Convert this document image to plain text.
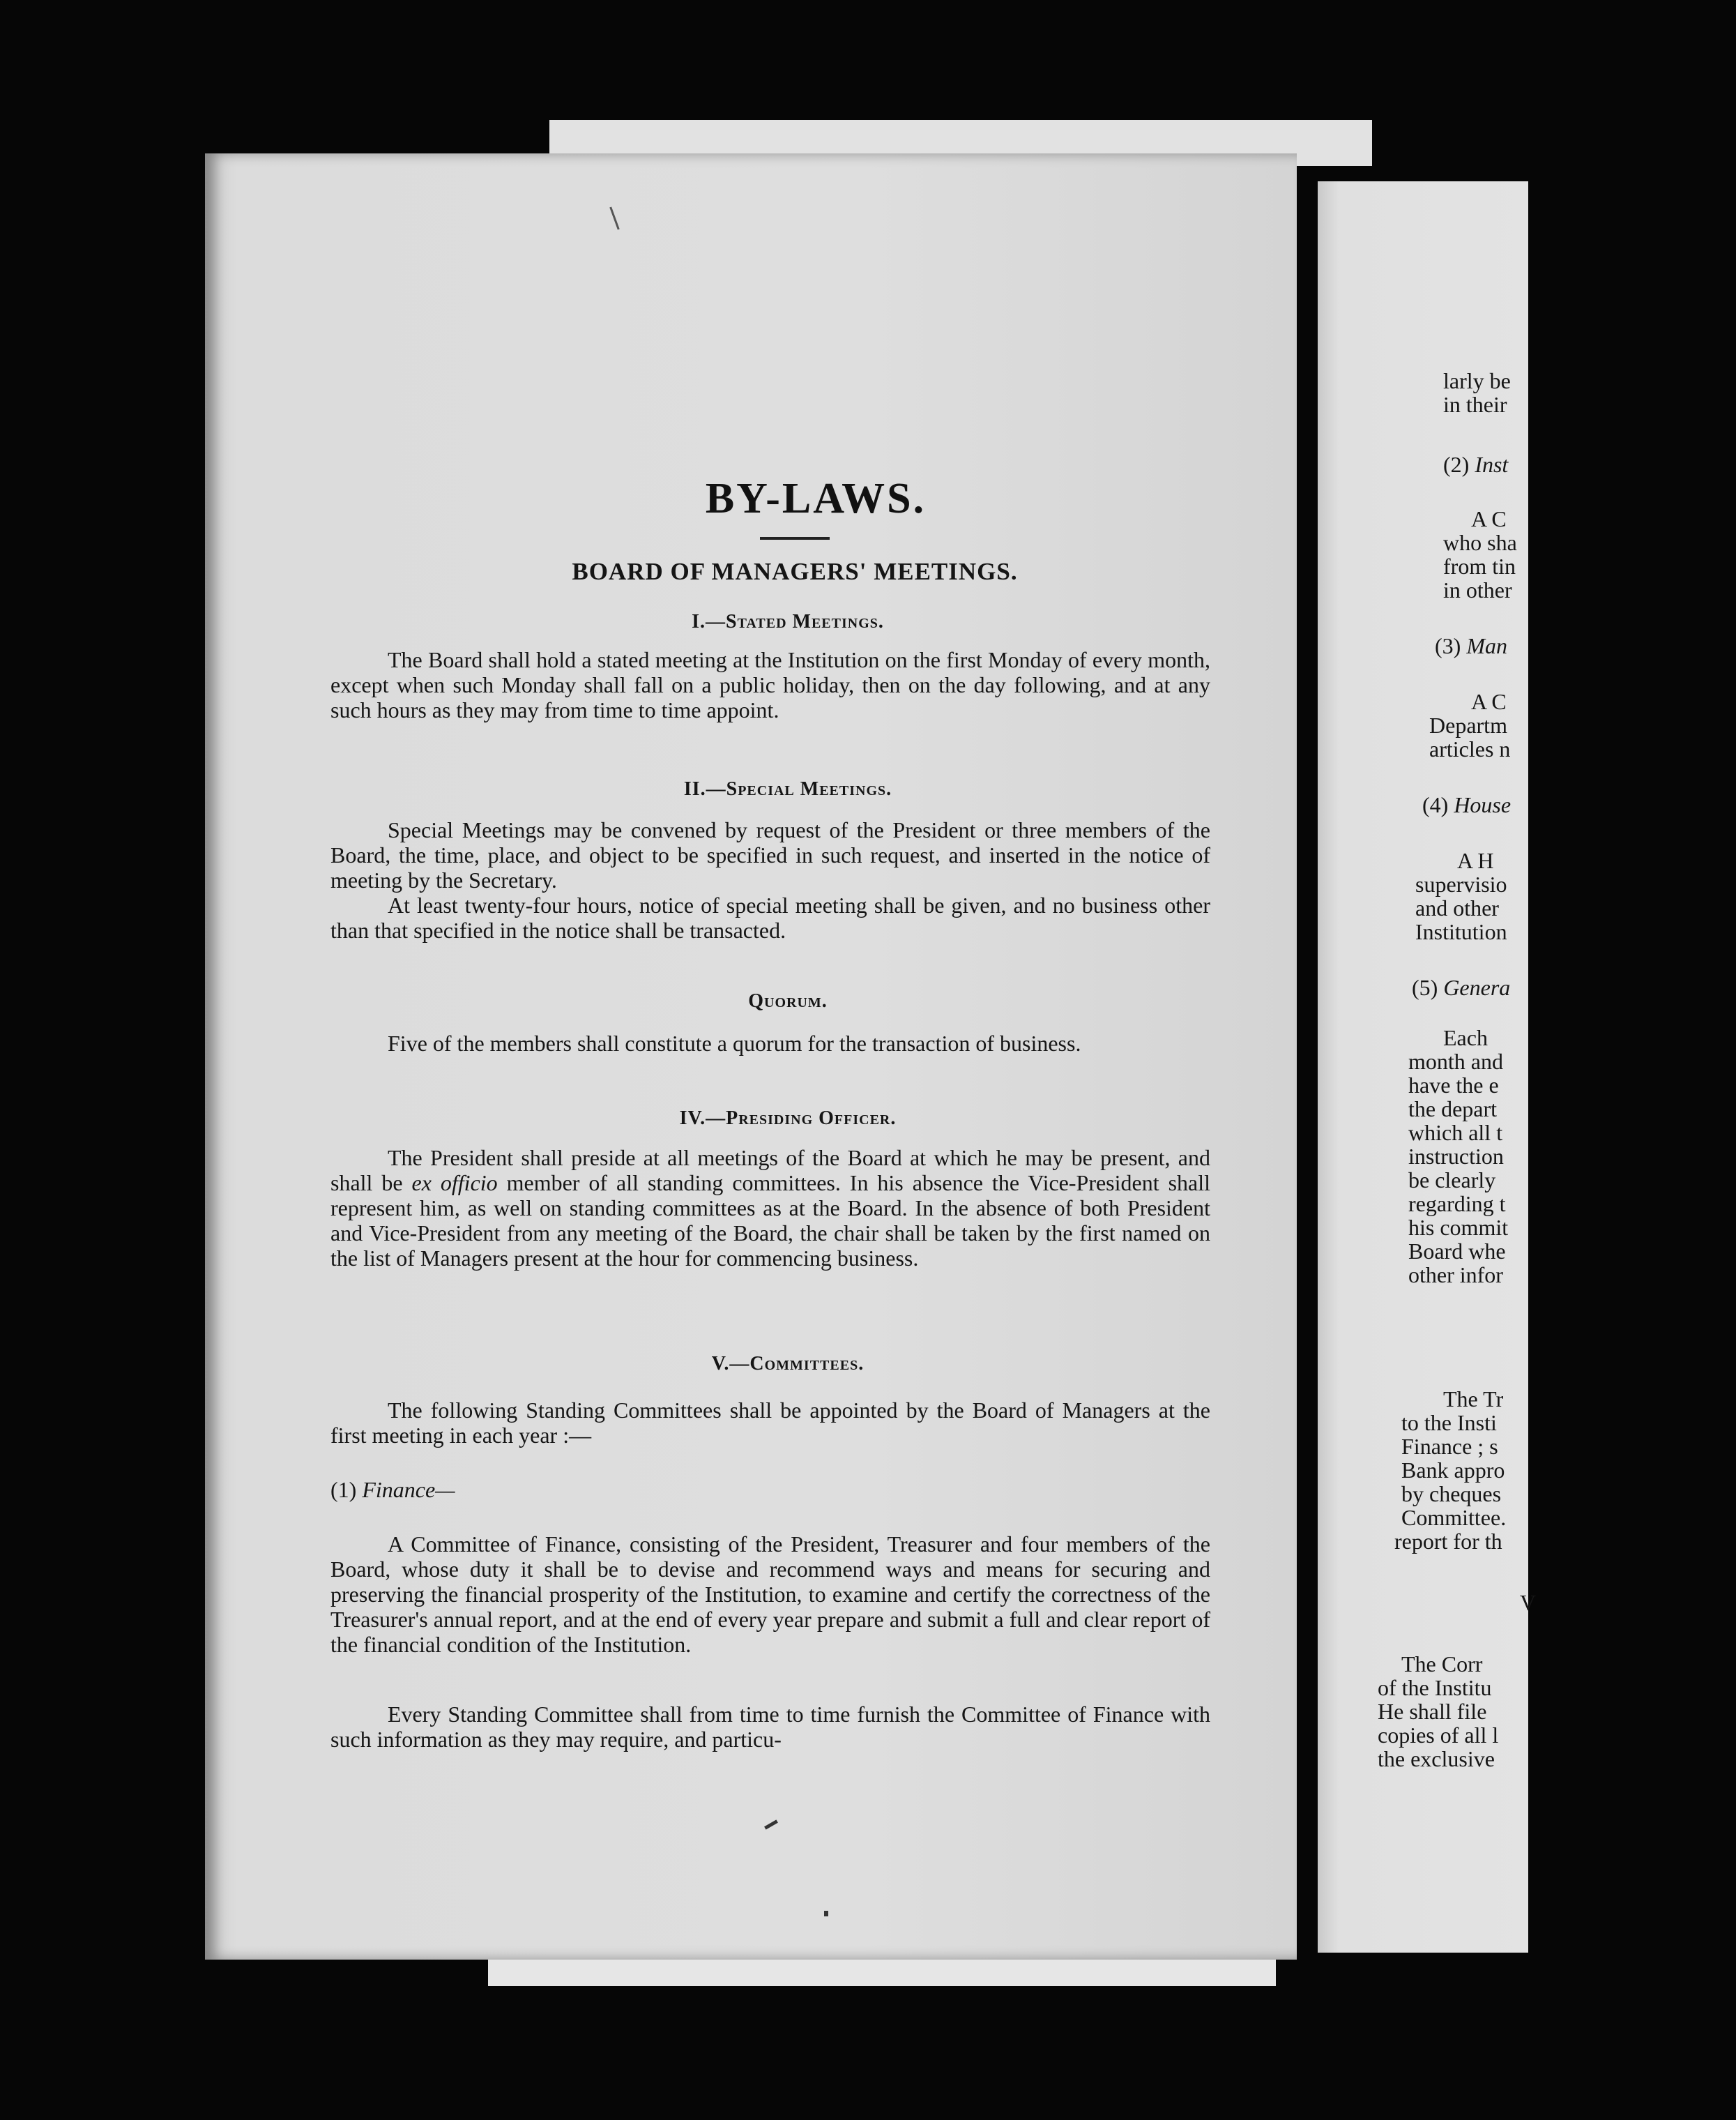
BY-LAWS.
BOARD OF MANAGERS' MEETINGS.
I.—Stated Meetings.
The Board shall hold a stated meeting at the Institution on the first Monday of every month, except when such Monday shall fall on a public holiday, then on the day following, and at any such hours as they may from time to time appoint.
II.—Special Meetings.
Special Meetings may be convened by request of the President or three members of the Board, the time, place, and object to be specified in such request, and inserted in the notice of meeting by the Secretary.
At least twenty-four hours, notice of special meeting shall be given, and no business other than that specified in the notice shall be transacted.
Quorum.
Five of the members shall constitute a quorum for the transaction of business.
IV.—Presiding Officer.
The President shall preside at all meetings of the Board at which he may be present, and shall be ex officio member of all standing committees. In his absence the Vice-President shall represent him, as well on standing committees as at the Board. In the absence of both President and Vice-President from any meeting of the Board, the chair shall be taken by the first named on the list of Managers present at the hour for commencing business.
V.—Committees.
The following Standing Committees shall be appointed by the Board of Managers at the first meeting in each year :—
(1) Finance—
A Committee of Finance, consisting of the President, Treasurer and four members of the Board, whose duty it shall be to devise and recommend ways and means for securing and preserving the financial prosperity of the Institution, to examine and certify the correctness of the Treasurer's annual report, and at the end of every year prepare and submit a full and clear report of the financial condition of the Institution.
Every Standing Committee shall from time to time furnish the Committee of Finance with such information as they may require, and particu-
larly be
in their
(2) Inst
A C
who sha
from tin
in other
(3) Man
A C
Departm
articles n
(4) House
A H
supervisio
and other
Institution
(5) Genera
Each
month and
have the e
the depart
which all t
instruction
be clearly
regarding t
his commit
Board whe
other infor
The Tr
to the Insti
Finance ; s
Bank appro
by cheques
Committee.
report for th
V
The Corr
of the Institu
He shall file
copies of all l
the exclusive
